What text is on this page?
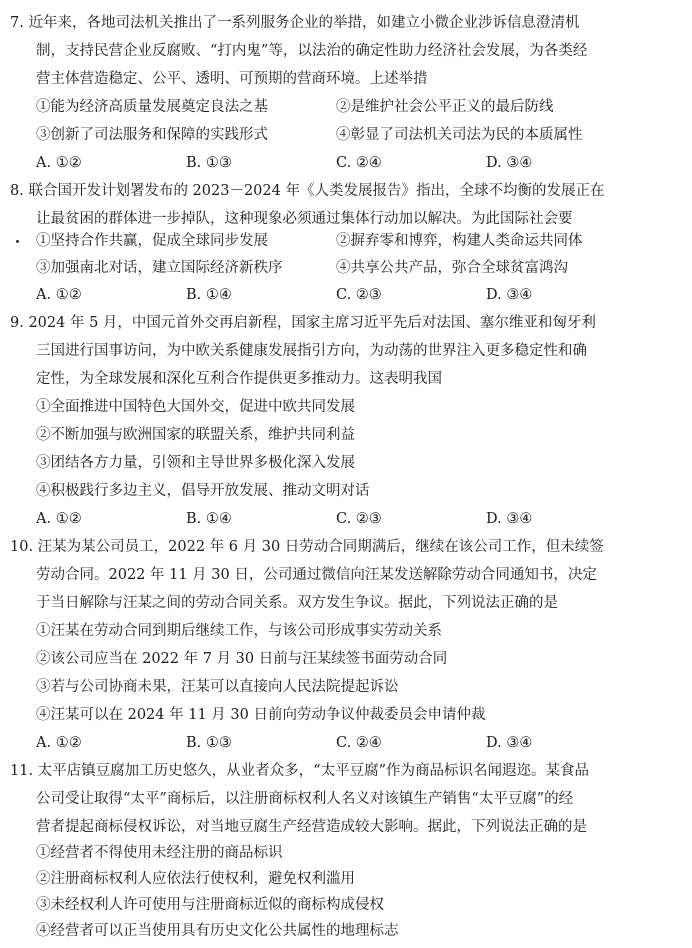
7. 近年来，各地司法机关推出了一系列服务企业的举措，如建立小微企业涉诉信息澄清机
制，支持民营企业反腐败、“打内鬼”等，以法治的确定性助力经济社会发展，为各类经
营主体营造稳定、公平、透明、可预期的营商环境。上述举措
①能为经济高质量发展奠定良法之基	②是维护社会公平正义的最后防线
③创新了司法服务和保障的实践形式	④彰显了司法机关司法为民的本质属性
A. ①②	B. ①③	C. ②④	D. ③④
8. 联合国开发计划署发布的 2023－2024 年《人类发展报告》指出，全球不均衡的发展正在
让最贫困的群体进一步掉队，这种现象必须通过集体行动加以解决。为此国际社会要
①坚持合作共赢，促成全球同步发展	②摒弃零和博弈，构建人类命运共同体
③加强南北对话，建立国际经济新秩序	④共享公共产品，弥合全球贫富鸿沟
A. ①②	B. ①④	C. ②③	D. ③④
9. 2024 年 5 月，中国元首外交再启新程，国家主席习近平先后对法国、塞尔维亚和匈牙利
三国进行国事访问，为中欧关系健康发展指引方向，为动荡的世界注入更多稳定性和确
定性，为全球发展和深化互利合作提供更多推动力。这表明我国
①全面推进中国特色大国外交，促进中欧共同发展
②不断加强与欧洲国家的联盟关系，维护共同利益
③团结各方力量，引领和主导世界多极化深入发展
④积极践行多边主义，倡导开放发展、推动文明对话
A. ①②	B. ①④	C. ②③	D. ③④
10. 汪某为某公司员工，2022 年 6 月 30 日劳动合同期满后，继续在该公司工作，但未续签
劳动合同。2022 年 11 月 30 日，公司通过微信向汪某发送解除劳动合同通知书，决定
于当日解除与汪某之间的劳动合同关系。双方发生争议。据此，下列说法正确的是
①汪某在劳动合同到期后继续工作，与该公司形成事实劳动关系
②该公司应当在 2022 年 7 月 30 日前与汪某续签书面劳动合同
③若与公司协商未果，汪某可以直接向人民法院提起诉讼
④汪某可以在 2024 年 11 月 30 日前向劳动争议仲裁委员会申请仲裁
A. ①②	B. ①③	C. ②④	D. ③④
11. 太平店镇豆腐加工历史悠久，从业者众多，“太平豆腐”作为商品标识名闻遐迩。某食品
公司受让取得“太平”商标后，以注册商标权利人名义对该镇生产销售“太平豆腐”的经
营者提起商标侵权诉讼，对当地豆腐生产经营造成较大影响。据此，下列说法正确的是
①经营者不得使用未经注册的商品标识
②注册商标权利人应依法行使权利，避免权利滥用
③未经权利人许可使用与注册商标近似的商标构成侵权
④经营者可以正当使用具有历史文化公共属性的地理标志
